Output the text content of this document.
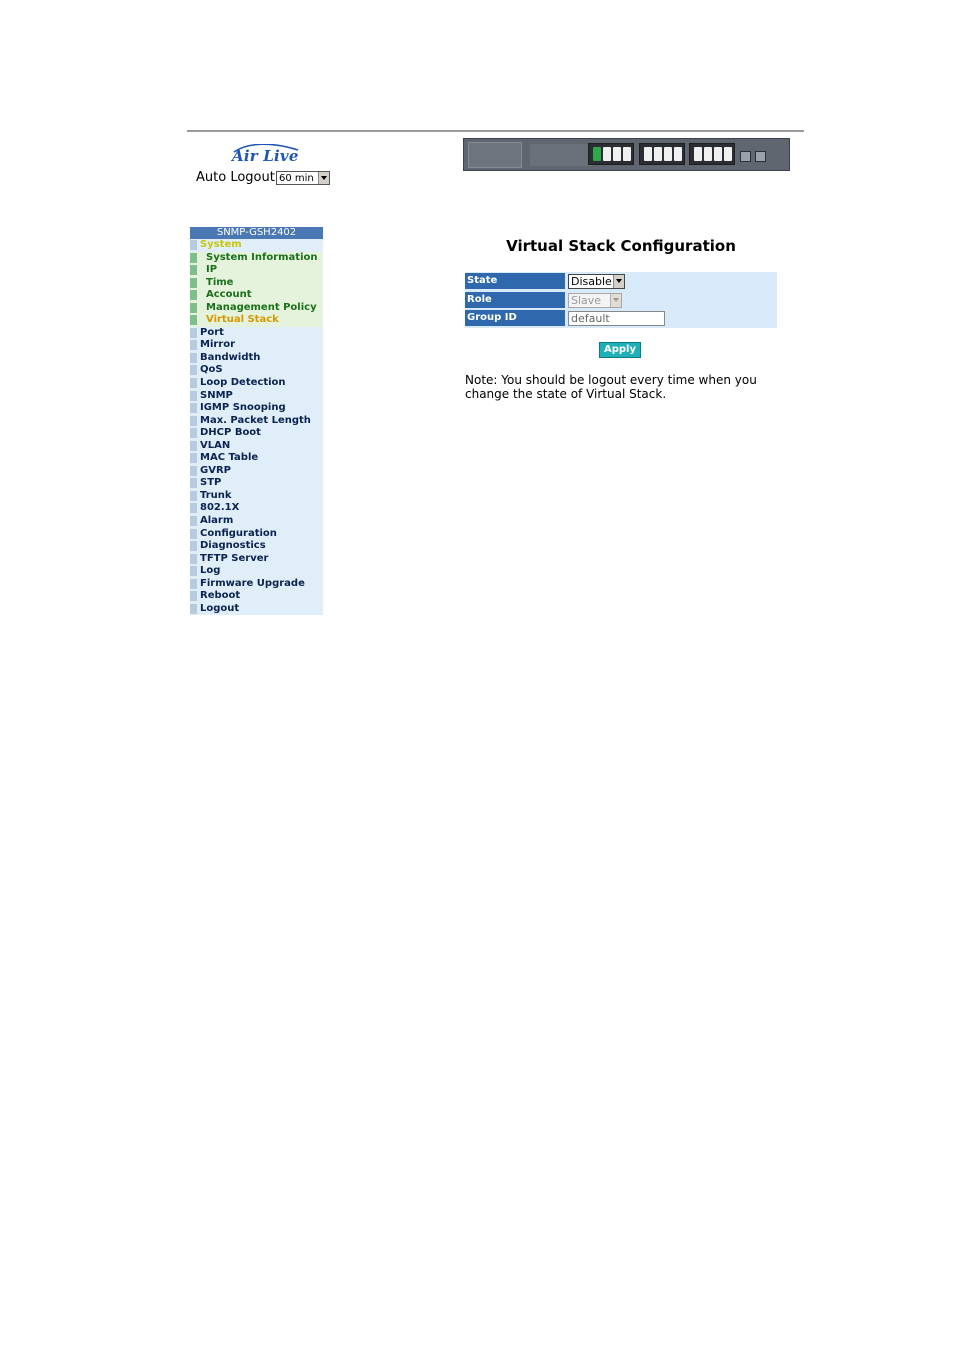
Air Live
Auto Logout 60 min
SNMP-GSH2402
System
System Information
IP
Time
Account
Management Policy
Virtual Stack
Port
Mirror
Bandwidth
QoS
Loop Detection
SNMP
IGMP Snooping
Max. Packet Length
DHCP Boot
VLAN
MAC Table
GVRP
STP
Trunk
802.1X
Alarm
Configuration
Diagnostics
TFTP Server
Log
Firmware Upgrade
Reboot
Logout
Virtual Stack Configuration
State	Disable
Role	Slave
Group ID	default
Apply
Note: You should be logout every time when you change the state of Virtual Stack.
